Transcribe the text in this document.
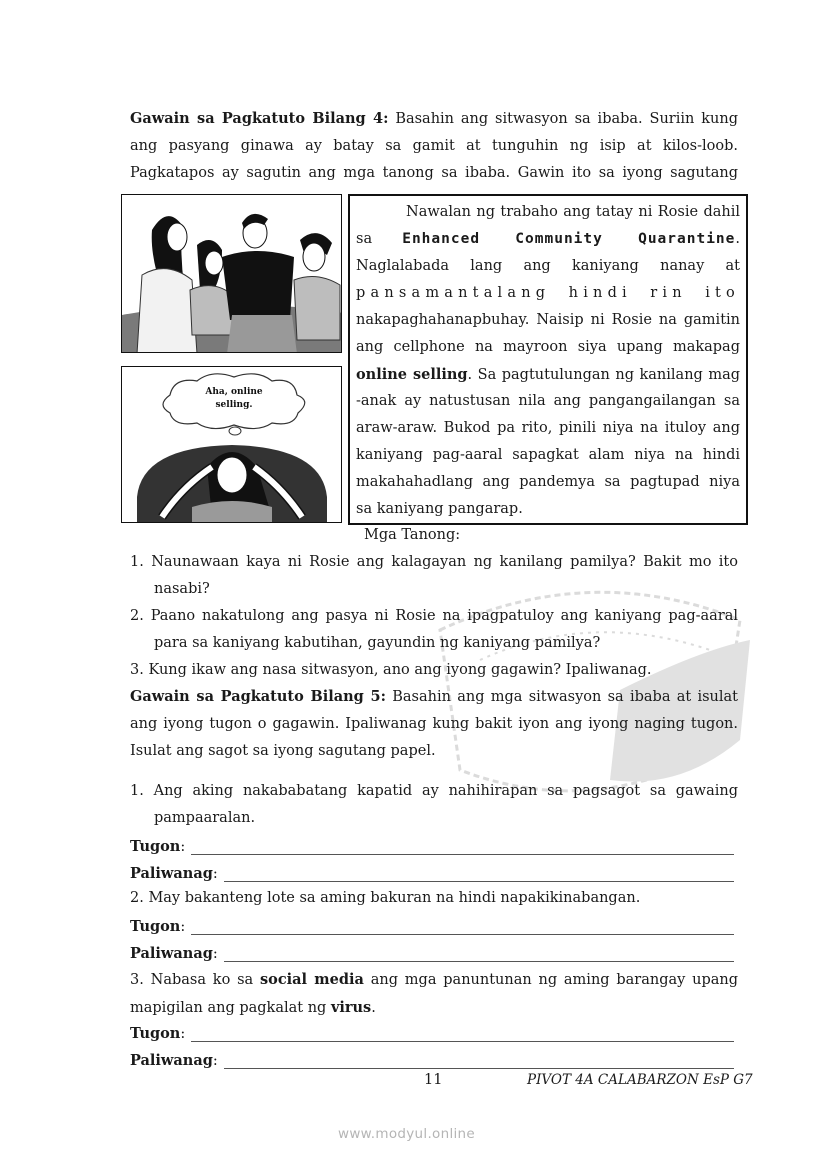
Gawain sa Pagkatuto Bilang 4: Basahin ang sitwasyon sa ibaba. Suriin kung
ang pasyang ginawa ay batay sa gamit at tunguhin ng isip at kilos-loob.
Pagkatapos ay sagutin ang mga tanong sa ibaba. Gawin ito sa iyong sagutang
Aha, online
selling.
Nawalan ng trabaho ang tatay ni Rosie dahil
sa Enhanced Community Quarantine.
Naglalabada lang ang kaniyang nanay at
pansamantalang hindi rin ito
nakapaghahanapbuhay. Naisip ni Rosie na gamitin
ang cellphone na mayroon siya upang makapag
online selling. Sa pagtutulungan ng kanilang mag
-anak ay natustusan nila ang pangangailangan sa
araw-araw. Bukod pa rito, pinili niya na ituloy ang
kaniyang pag-aaral sapagkat alam niya na hindi
makahahadlang ang pandemya sa pagtupad niya
sa kaniyang pangarap.
Mga Tanong:
1. Naunawaan kaya ni Rosie ang kalagayan ng kanilang pamilya? Bakit mo ito
nasabi?
2. Paano nakatulong ang pasya ni Rosie na ipagpatuloy ang kaniyang pag-aaral
para sa kaniyang kabutihan, gayundin ng kaniyang pamilya?
3. Kung ikaw ang nasa sitwasyon, ano ang iyong gagawin? Ipaliwanag.
Gawain sa Pagkatuto Bilang 5: Basahin ang mga sitwasyon sa ibaba at isulat
ang iyong tugon o gagawin. Ipaliwanag kung bakit iyon ang iyong naging tugon.
Isulat ang sagot sa iyong sagutang papel.
1. Ang aking nakababatang kapatid ay nahihirapan sa pagsagot sa gawaing
pampaaralan.
Tugon :
Paliwanag :
2. May bakanteng lote sa aming bakuran na hindi napakikinabangan.
Tugon :
Paliwanag :
3. Nabasa ko sa social media ang mga panuntunan ng aming barangay upang
mapigilan ang pagkalat ng virus.
Tugon :
Paliwanag :
11	PIVOT 4A CALABARZON EsP G7
www.modyul.online
